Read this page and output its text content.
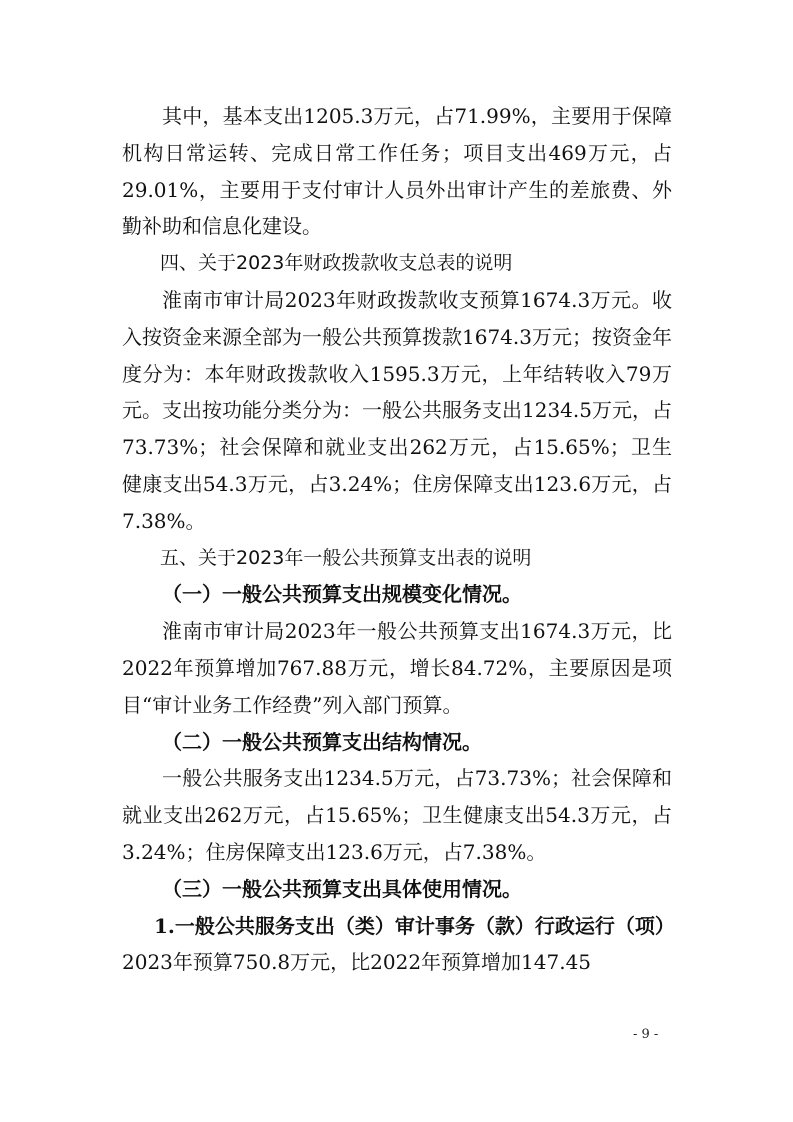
其中，基本支出1205.3万元，占71.99%，主要用于保障机构日常运转、完成日常工作任务；项目支出469万元，占29.01%，主要用于支付审计人员外出审计产生的差旅费、外勤补助和信息化建设。

四、关于2023年财政拨款收支总表的说明

淮南市审计局2023年财政拨款收支预算1674.3万元。收入按资金来源全部为一般公共预算拨款1674.3万元；按资金年度分为：本年财政拨款收入1595.3万元，上年结转收入79万元。支出按功能分类分为：一般公共服务支出1234.5万元，占73.73%；社会保障和就业支出262万元，占15.65%；卫生健康支出54.3万元，占3.24%；住房保障支出123.6万元，占7.38%。

五、关于2023年一般公共预算支出表的说明

（一）一般公共预算支出规模变化情况。

淮南市审计局2023年一般公共预算支出1674.3万元，比2022年预算增加767.88万元，增长84.72%，主要原因是项目“审计业务工作经费”列入部门预算。

（二）一般公共预算支出结构情况。

一般公共服务支出1234.5万元，占73.73%；社会保障和就业支出262万元，占15.65%；卫生健康支出54.3万元，占3.24%；住房保障支出123.6万元，占7.38%。

（三）一般公共预算支出具体使用情况。

1.一般公共服务支出（类）审计事务（款）行政运行（项）2023年预算750.8万元，比2022年预算增加147.45

- 9 -
